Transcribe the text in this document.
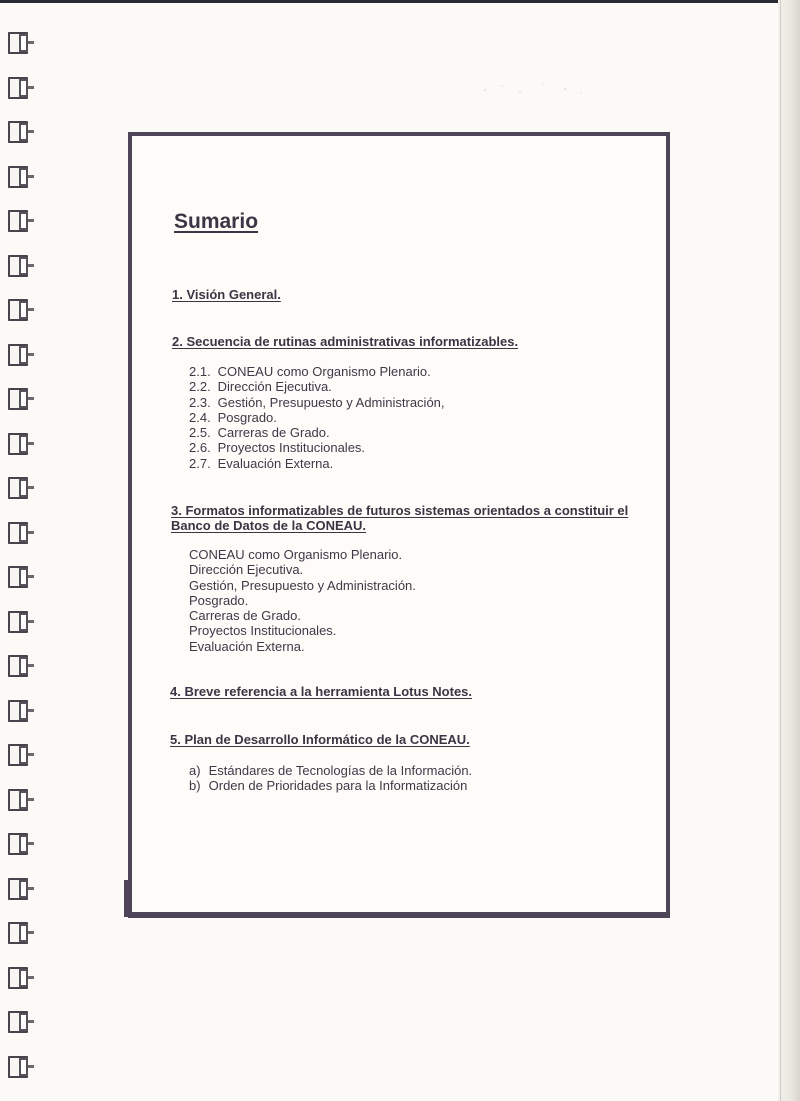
Sumario
1. Visión General.
2. Secuencia de rutinas administrativas informatizables.
2.1. CONEAU como Organismo Plenario.
2.2. Dirección Ejecutiva.
2.3. Gestión, Presupuesto y Administración,
2.4. Posgrado.
2.5. Carreras de Grado.
2.6. Proyectos Institucionales.
2.7. Evaluación Externa.
3. Formatos informatizables de futuros sistemas orientados a constituir el
Banco de Datos de la CONEAU.
CONEAU como Organismo Plenario.
Dirección Ejecutiva.
Gestión, Presupuesto y Administración.
Posgrado.
Carreras de Grado.
Proyectos Institucionales.
Evaluación Externa.
4. Breve referencia a la herramienta Lotus Notes.
5. Plan de Desarrollo Informático de la CONEAU.
a) Estándares de Tecnologías de la Información.
b) Orden de Prioridades para la Informatización
